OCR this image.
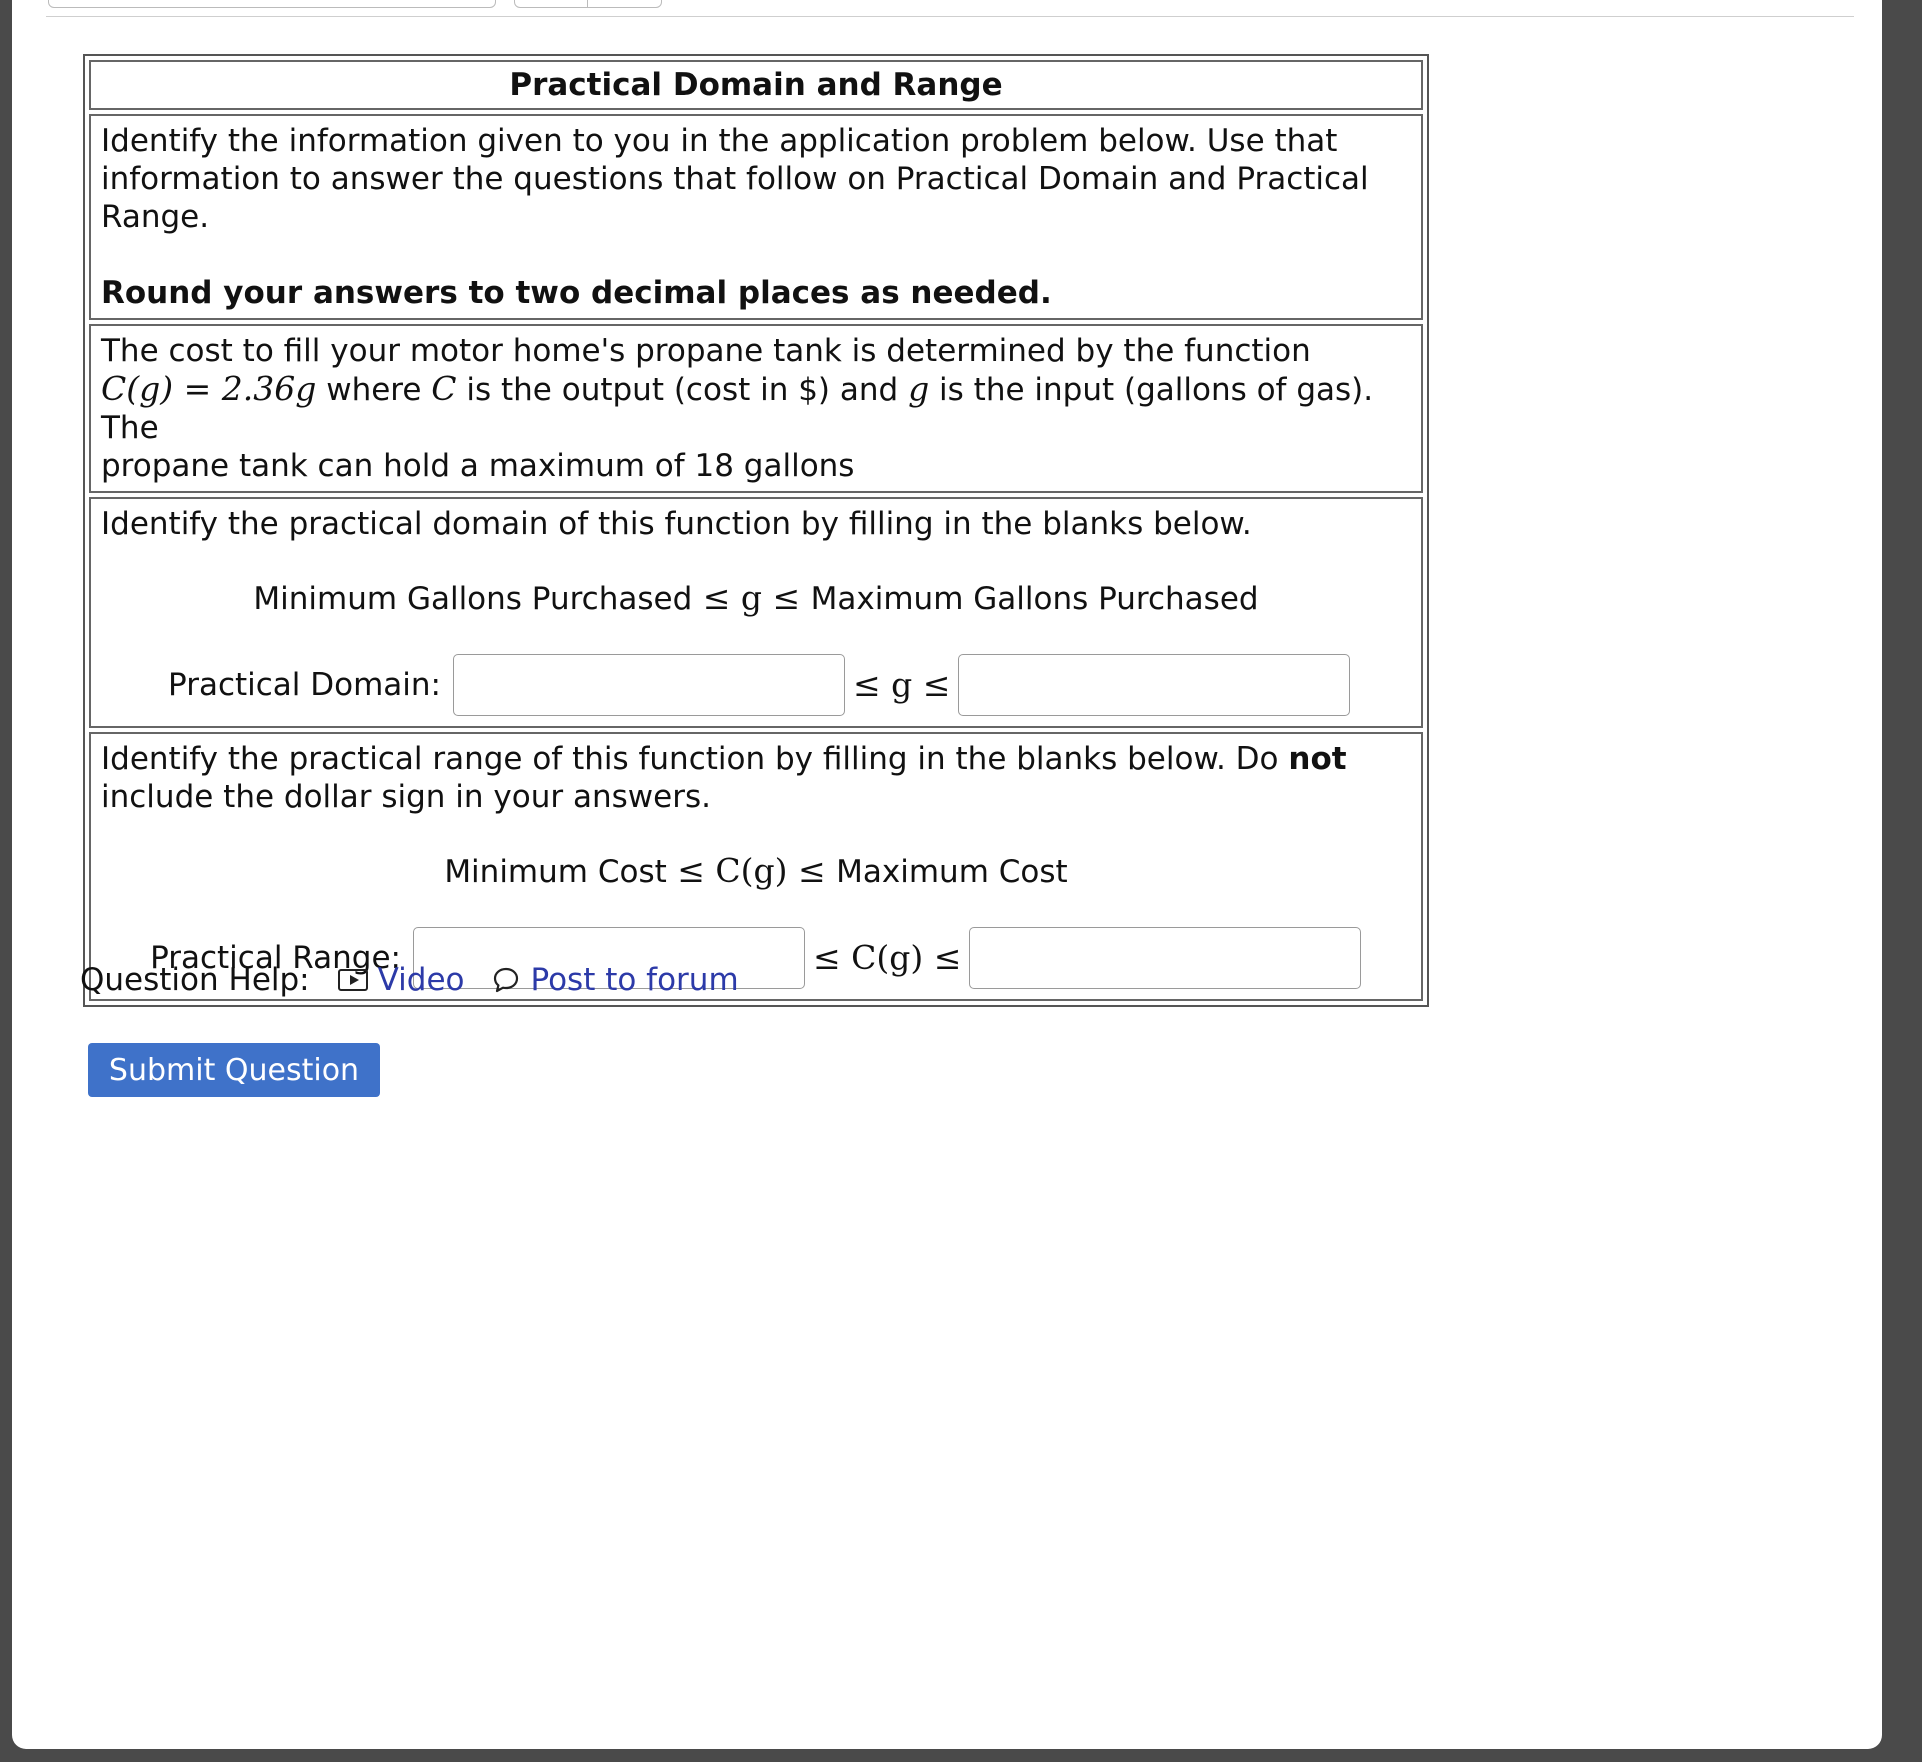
Practical Domain and Range
Identify the information given to you in the application problem below. Use that information to answer the questions that follow on Practical Domain and Practical Range.
Round your answers to two decimal places as needed.
The cost to fill your motor home's propane tank is determined by the function
C(g) = 2.36g where C is the output (cost in $) and g is the input (gallons of gas). The
propane tank can hold a maximum of 18 gallons
Identify the practical domain of this function by filling in the blanks below.
Minimum Gallons Purchased ≤ g ≤ Maximum Gallons Purchased
Practical Domain:	≤ g ≤
Identify the practical range of this function by filling in the blanks below. Do not include the dollar sign in your answers.
Minimum Cost ≤ C(g) ≤ Maximum Cost
Practical Range:	≤ C(g) ≤
Question Help: Video Post to forum
Submit Question
